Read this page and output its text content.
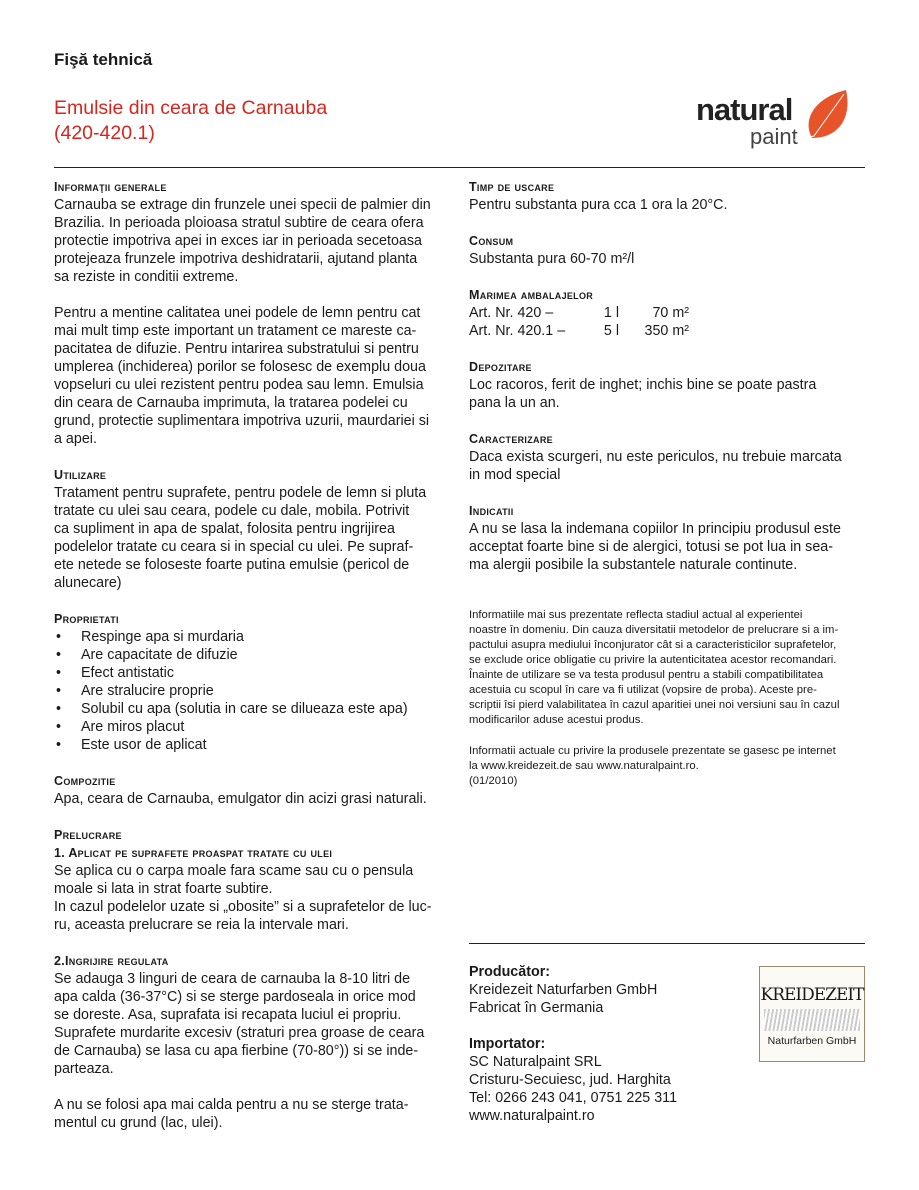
Fişă tehnică
Emulsie din ceara de Carnauba
(420-420.1)
natural
paint
Informaţii generale

Carnauba se extrage din frunzele unei specii de palmier din
Brazilia. In perioada ploioasa stratul subtire de ceara ofera
protectie impotriva apei in exces iar in perioada secetoasa
protejeaza frunzele impotriva deshidratarii, ajutand planta
sa reziste in conditii extreme.

Pentru a mentine calitatea unei podele de lemn pentru cat
mai mult timp este important un tratament ce mareste ca-
pacitatea de difuzie. Pentru intarirea substratului si pentru
umplerea (inchiderea) porilor se folosesc de exemplu doua
vopseluri cu ulei rezistent pentru podea sau lemn. Emulsia
din ceara de Carnauba imprimuta, la tratarea podelei cu
grund, protectie suplimentara impotriva uzurii, maurdariei si
a apei.

Utilizare

Tratament pentru suprafete, pentru podele de lemn si pluta
tratate cu ulei sau ceara, podele cu dale, mobila. Potrivit
ca supliment in apa de spalat, folosita pentru ingrijirea
podelelor tratate cu ceara si in special cu ulei. Pe supraf-
ete netede se foloseste foarte putina emulsie (pericol de
alunecare)

Proprietati
• Respinge apa si murdaria
• Are capacitate de difuzie
• Efect antistatic
• Are stralucire proprie
• Solubil cu apa (solutia in care se dilueaza este apa)
• Are miros placut
• Este usor de aplicat
Compozitie

Apa, ceara de Carnauba, emulgator din acizi grasi naturali.

Prelucrare
1. Aplicat pe suprafete proaspat tratate cu ulei

Se aplica cu o carpa moale fara scame sau cu o pensula
moale si lata in strat foarte subtire.
In cazul podelelor uzate si „obosite” si a suprafetelor de luc-
ru, aceasta prelucrare se reia la intervale mari.

2.Ingrijire regulata

Se adauga 3 linguri de ceara de carnauba la 8-10 litri de
apa calda (36-37°C) si se sterge pardoseala in orice mod
se doreste. Asa, suprafata isi recapata luciul ei propriu.
Suprafete murdarite excesiv (straturi prea groase de ceara
de Carnauba) se lasa cu apa fierbine (70-80°)) si se inde-
parteaza.

A nu se folosi apa mai calda pentru a nu se sterge trata-
mentul cu grund (lac, ulei).

Timp de uscare

Pentru substanta pura cca 1 ora la 20°C.

Consum

Substanta pura 60-70 m²/l

Marimea ambalajelor
Art. Nr. 420 –	1 l	70 m²
Art. Nr. 420.1 –	5 l	350 m²
Depozitare

Loc racoros, ferit de inghet; inchis bine se poate pastra
pana la un an.

Caracterizare

Daca exista scurgeri, nu este periculos, nu trebuie marcata
in mod special

Indicatii

A nu se lasa la indemana copiilor In principiu produsul este
acceptat foarte bine si de alergici, totusi se pot lua in sea-
ma alergii posibile la substantele naturale continute.

Informatiile mai sus prezentate reflecta stadiul actual al experientei
noastre în domeniu. Din cauza diversitatii metodelor de prelucrare si a im-
pactului asupra mediului înconjurator cât si a caracteristicilor suprafetelor,
se exclude orice obligatie cu privire la autenticitatea acestor recomandari.
Înainte de utilizare se va testa produsul pentru a stabili compatibilitatea
acestuia cu scopul în care va fi utilizat (vopsire de proba). Aceste pre-
scriptii îsi pierd valabilitatea în cazul aparitiei unei noi versiuni sau în cazul
modificarilor aduse acestui produs.

Informatii actuale cu privire la produsele prezentate se gasesc pe internet
la www.kreidezeit.de sau www.naturalpaint.ro.
(01/2010)

Producător:

Kreidezeit Naturfarben GmbH
Fabricat în Germania

Importator:

SC Naturalpaint SRL
Cristuru-Secuiesc, jud. Harghita
Tel: 0266 243 041, 0751 225 311
www.naturalpaint.ro

KREIDEZEIT
Naturfarben GmbH
